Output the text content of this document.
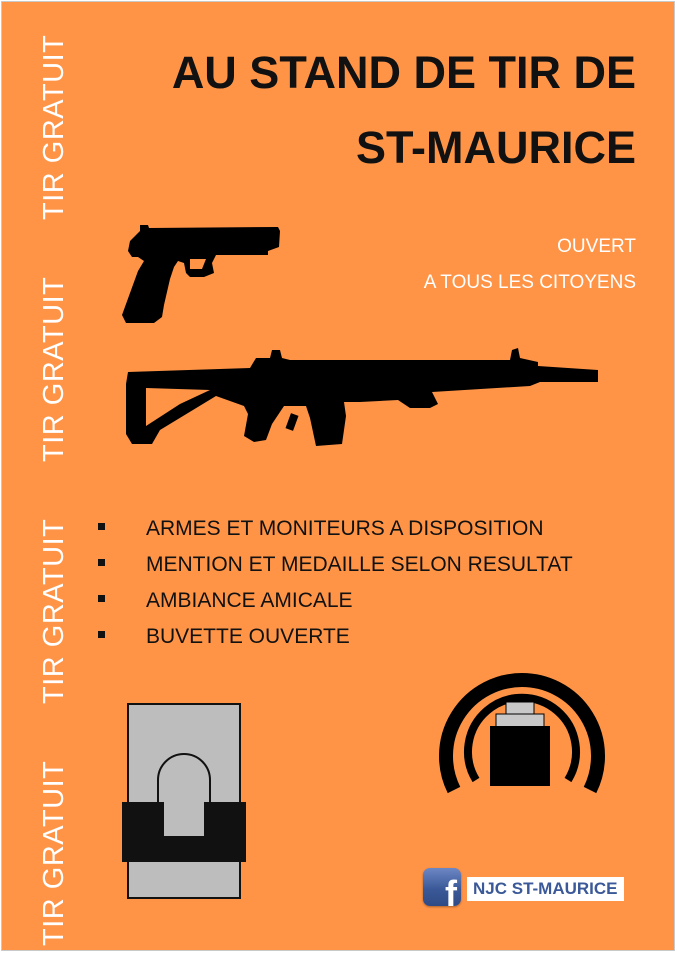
TIR GRATUIT
TIR GRATUIT
TIR GRATUIT
TIR GRATUIT
AU STAND DE TIR DE
ST-MAURICE
OUVERT
A TOUS LES CITOYENS
ARMES ET MONITEURS A DISPOSITION
MENTION ET MEDAILLE SELON RESULTAT
AMBIANCE AMICALE
BUVETTE OUVERTE
f NJC ST-MAURICE
